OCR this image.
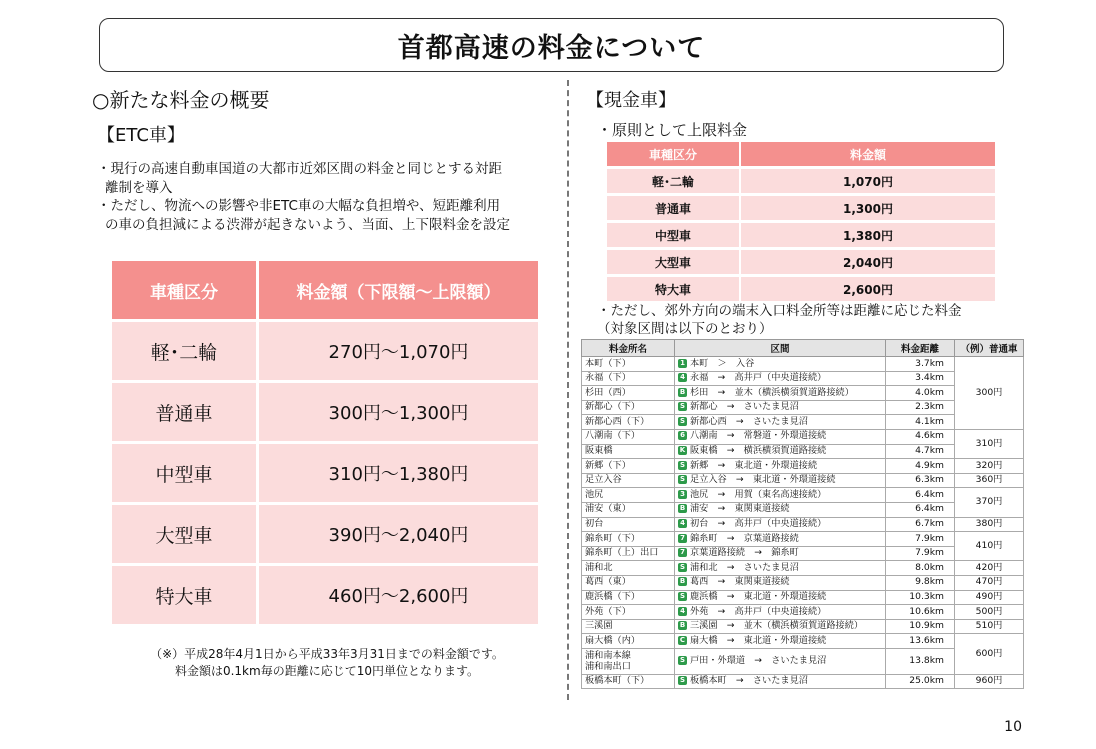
首都高速の料金について
○新たな料金の概要
【ETC車】
・現行の高速自動車国道の大都市近郊区間の料金と同じとする対距
離制を導入
・ただし、物流への影響や非ETC車の大幅な負担増や、短距離利用
の車の負担減による渋滞が起きないよう、当面、上下限料金を設定
車種区分	料金額（下限額～上限額）
軽･二輪	270円～1,070円
普通車	300円～1,300円
中型車	310円～1,380円
大型車	390円～2,040円
特大車	460円～2,600円
（※）平成28年4月1日から平成33年3月31日までの料金額です。
料金額は0.1km毎の距離に応じて10円単位となります。
【現金車】
・原則として上限料金
車種区分	料金額
軽･二輪	1,070円
普通車	1,300円
中型車	1,380円
大型車	2,040円
特大車	2,600円
・ただし、郊外方向の端末入口料金所等は距離に応じた料金
（対象区間は以下のとおり）
料金所名	区間	料金距離	（例）普通車
本町（下）	1 本町　＞　入谷	3.7km	300円
永福（下）	4 永福　→　高井戸（中央道接続）	3.4km	
杉田（西）	B 杉田　→　並木（横浜横須賀道路接続）	4.0km	
新都心（下）	S 新都心　→　さいたま見沼	2.3km	
新都心西（下）	S 新都心西　→　さいたま見沼	4.1km	
八潮南（下）	6 八潮南　→　常磐道・外環道接続	4.6km	310円
阪東橋	K 阪東橋　→　横浜横須賀道路接続	4.7km	
新郷（下）	S 新郷　→　東北道・外環道接続	4.9km	320円
足立入谷	S 足立入谷　→　東北道・外環道接続	6.3km	360円
池尻	3 池尻　→　用賀（東名高速接続）	6.4km	370円
浦安（東）	B 浦安　→　東関東道接続	6.4km	
初台	4 初台　→　高井戸（中央道接続）	6.7km	380円
錦糸町（下）	7 錦糸町　→　京葉道路接続	7.9km	410円
錦糸町（上）出口	7 京葉道路接続　→　錦糸町	7.9km	
浦和北	S 浦和北　→　さいたま見沼	8.0km	420円
葛西（東）	B 葛西　→　東関東道接続	9.8km	470円
鹿浜橋（下）	S 鹿浜橋　→　東北道・外環道接続	10.3km	490円
外苑（下）	4 外苑　→　高井戸（中央道接続）	10.6km	500円
三溪園	B 三溪園　→　並木（横浜横須賀道路接続）	10.9km	510円
扇大橋（内）	C 扇大橋　→　東北道・外環道接続	13.6km	600円
浦和南本線
浦和南出口	S 戸田・外環道　→　さいたま見沼	13.8km	
板橋本町（下）	S 板橋本町　→　さいたま見沼	25.0km	960円
10
